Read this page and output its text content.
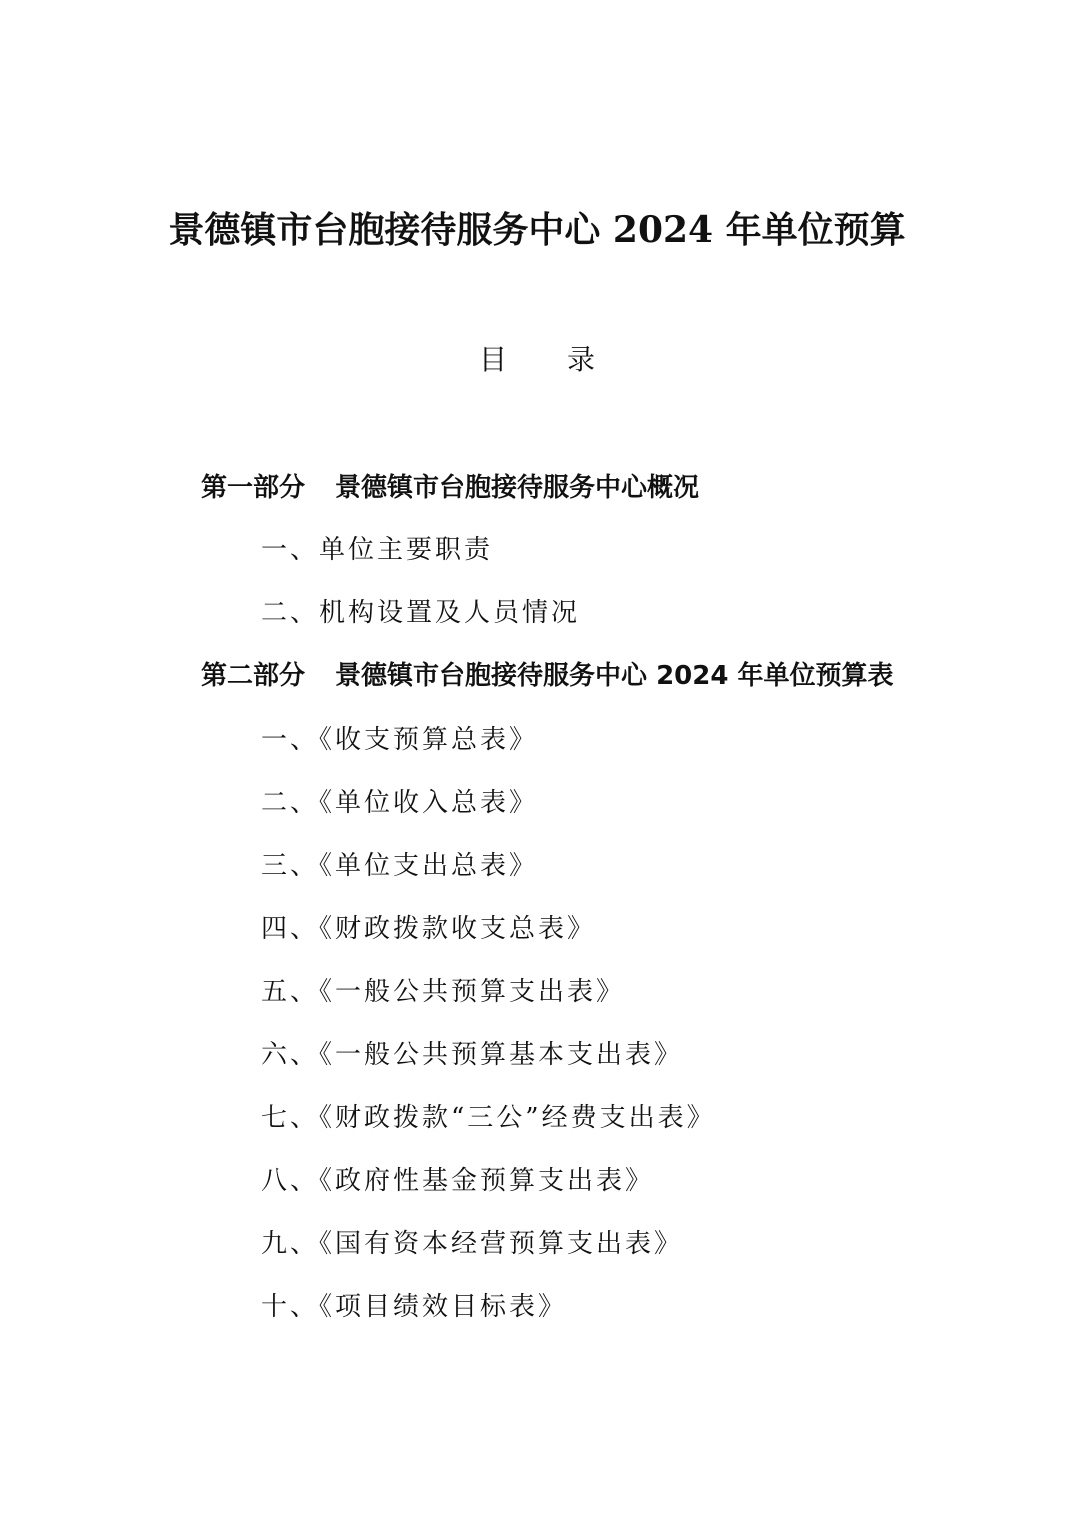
景德镇市台胞接待服务中心 2024 年单位预算
目录
第一部分 景德镇市台胞接待服务中心概况
一、单位主要职责
二、机构设置及人员情况
第二部分 景德镇市台胞接待服务中心 2024 年单位预算表
一、《收支预算总表》
二、《单位收入总表》
三、《单位支出总表》
四、《财政拨款收支总表》
五、《一般公共预算支出表》
六、《一般公共预算基本支出表》
七、《财政拨款“三公”经费支出表》
八、《政府性基金预算支出表》
九、《国有资本经营预算支出表》
十、《项目绩效目标表》
